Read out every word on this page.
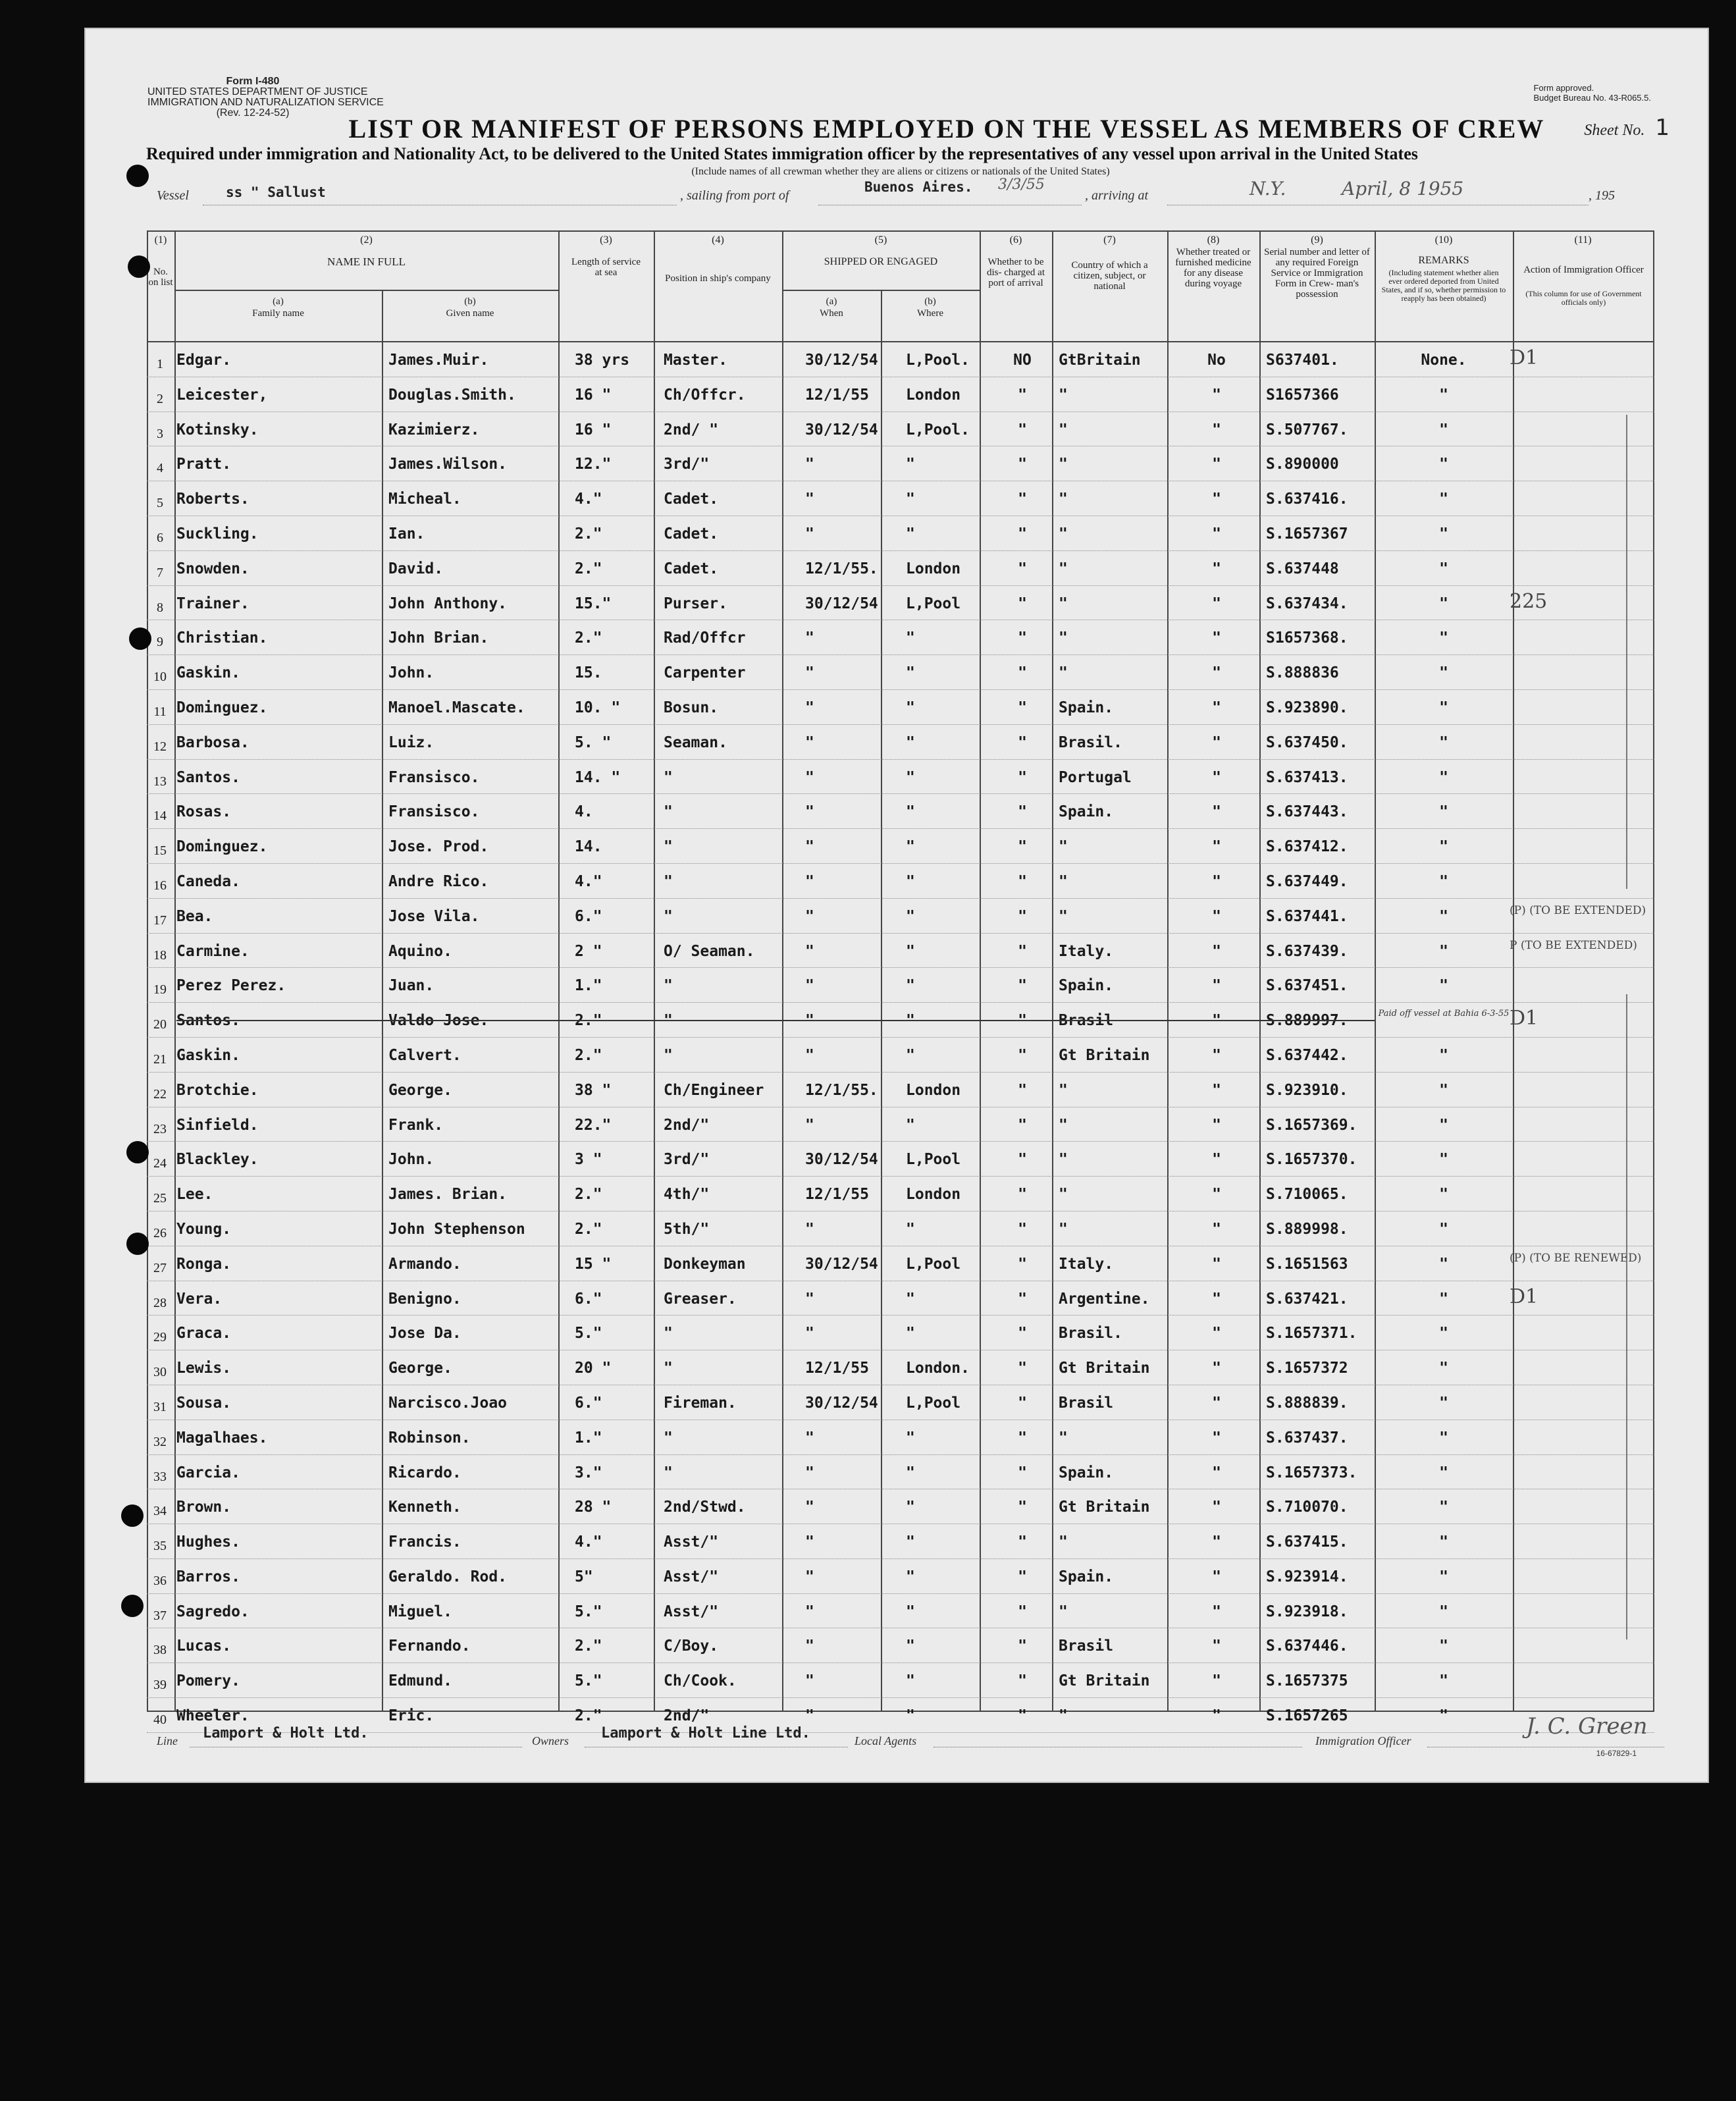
Form I-480
UNITED STATES DEPARTMENT OF JUSTICE
IMMIGRATION AND NATURALIZATION SERVICE
(Rev. 12-24-52)
Form approved.
Budget Bureau No. 43-R065.5.
LIST OR MANIFEST OF PERSONS EMPLOYED ON THE VESSEL AS MEMBERS OF CREW	Sheet No. 1
Required under immigration and Nationality Act, to be delivered to the United States immigration officer by the representatives of any vessel upon arrival in the United States
(Include names of all crewman whether they are aliens or citizens or nationals of the United States)
Vessel	ss " Sallust	, sailing from port of
Buenos Aires. 3/3/55
, arriving at	N.Y.	April, 8 1955	, 195
(1)	(2)	(3)	(4)	(5)	(6)	(7)	(8)	(9)	(10)	(11)
No. on list
NAME IN FULL
(a)
Family name
(b)
Given name
Length of service at sea
Position in ship's company
SHIPPED OR ENGAGED
(a)
When
(b)
Where
Whether to be dis- charged at port of arrival
Country of which a citizen, subject, or national
Whether treated or furnished medicine for any disease during voyage
Serial number and letter of any required Foreign Service or Immigration Form in Crew- man's possession
REMARKS
(Including statement whether alien ever ordered deported from United States, and if so, whether permission to reapply has been obtained)
Action of Immigration Officer
(This column for use of Government officials only)
1 Edgar.	James.Muir.	38 yrs Master.	30/12/54 L,Pool.	NO	GtBritain	No	S637401.	None.	D1
2 Leicester,	Douglas.Smith.	16 "	Ch/Offcr.	12/1/55 London	"	"	"	S1657366	"
3 Kotinsky.	Kazimierz.	16 "	2nd/ "	30/12/54 L,Pool.	"	"	"	S.507767.	"
4 Pratt.	James.Wilson.	12."	3rd/"	"	"	"	"	"	S.890000	"
5 Roberts.	Micheal.	4."	Cadet.	"	"	"	"	"	S.637416.	"
6 Suckling.	Ian.	2."	Cadet.	"	"	"	"	"	S.1657367	"
7 Snowden.	David.	2."	Cadet.	12/1/55. London	"	"	"	S.637448	"
8 Trainer.	John Anthony.	15."	Purser.	30/12/54 L,Pool	"	"	"	S.637434.	"	225
9 Christian.	John Brian.	2."	Rad/Offcr	"	"	"	"	"	S1657368.	"
10 Gaskin.	John.	15.	Carpenter	"	"	"	"	"	S.888836	"
11 Dominguez.	Manoel.Mascate.	10. "	Bosun.	"	"	"	Spain.	"	S.923890.	"
12 Barbosa.	Luiz.	5. "	Seaman.	"	"	"	Brasil.	"	S.637450.	"
13 Santos.	Fransisco.	14. "	"	"	"	"	Portugal	"	S.637413.	"
14 Rosas.	Fransisco.	4.	"	"	"	"	Spain.	"	S.637443.	"
15 Dominguez.	Jose. Prod.	14.	"	"	"	"	"	"	S.637412.	"
16 Caneda.	Andre Rico.	4."	"	"	"	"	"	"	S.637449.	"
17 Bea.	Jose Vila.	6."	"	"	"	"	"	"	S.637441.	"	(P) (TO BE EXTENDED)
18 Carmine.	Aquino.	2 "	O/ Seaman.	"	"	"	Italy.	"	S.637439.	"	P (TO BE EXTENDED)
19 Perez Perez.	Juan.	1."	"	"	"	"	Spain.	"	S.637451.	"
20 Santos.	Valdo Jose.	2."	"	"	"	"	Brasil	"	S.889997.	Paid off vessel at Bahia 6-3-55 D1
21 Gaskin.	Calvert.	2."	"	"	"	"	Gt Britain	"	S.637442.	"
22 Brotchie.	George.	38 "	Ch/Engineer	12/1/55. London	"	"	"	S.923910.	"
23 Sinfield.	Frank.	22."	2nd/"	"	"	"	"	"	S.1657369.	"
24 Blackley.	John.	3 "	3rd/"	30/12/54 L,Pool	"	"	"	S.1657370.	"
25 Lee.	James. Brian.	2."	4th/"	12/1/55 London	"	"	"	S.710065.	"
26 Young.	John Stephenson	2."	5th/"	"	"	"	"	"	S.889998.	"
27 Ronga.	Armando.	15 "	Donkeyman	30/12/54 L,Pool	"	Italy.	"	S.1651563	"	(P) (TO BE RENEWED)
28 Vera.	Benigno.	6."	Greaser.	"	"	"	Argentine.	"	S.637421.	"	D1
29 Graca.	Jose Da.	5."	"	"	"	"	Brasil.	"	S.1657371.	"
30 Lewis.	George.	20 "	"	12/1/55 London.	"	Gt Britain	"	S.1657372	"
31 Sousa.	Narcisco.Joao	6."	Fireman.	30/12/54 L,Pool	"	Brasil	"	S.888839.	"
32 Magalhaes.	Robinson.	1."	"	"	"	"	"	"	S.637437.	"
33 Garcia.	Ricardo.	3."	"	"	"	"	Spain.	"	S.1657373.	"
34 Brown.	Kenneth.	28 "	2nd/Stwd.	"	"	"	Gt Britain	"	S.710070.	"
35 Hughes.	Francis.	4."	Asst/"	"	"	"	"	"	S.637415.	"
36 Barros.	Geraldo. Rod.	5"	Asst/"	"	"	"	Spain.	"	S.923914.	"
37 Sagredo.	Miguel.	5."	Asst/"	"	"	"	"	"	S.923918.	"
38 Lucas.	Fernando.	2."	C/Boy.	"	"	"	Brasil	"	S.637446.	"
39 Pomery.	Edmund.	5."	Ch/Cook.	"	"	"	Gt Britain	"	S.1657375	"
40 Wheeler.	Eric.	2."	2nd/"	"	"	"	"	"	S.1657265	"
Line Lamport & Holt Ltd.	Owners Lamport & Holt Line Ltd.	Local Agents	Immigration Officer
J. C. Green
16-67829-1
